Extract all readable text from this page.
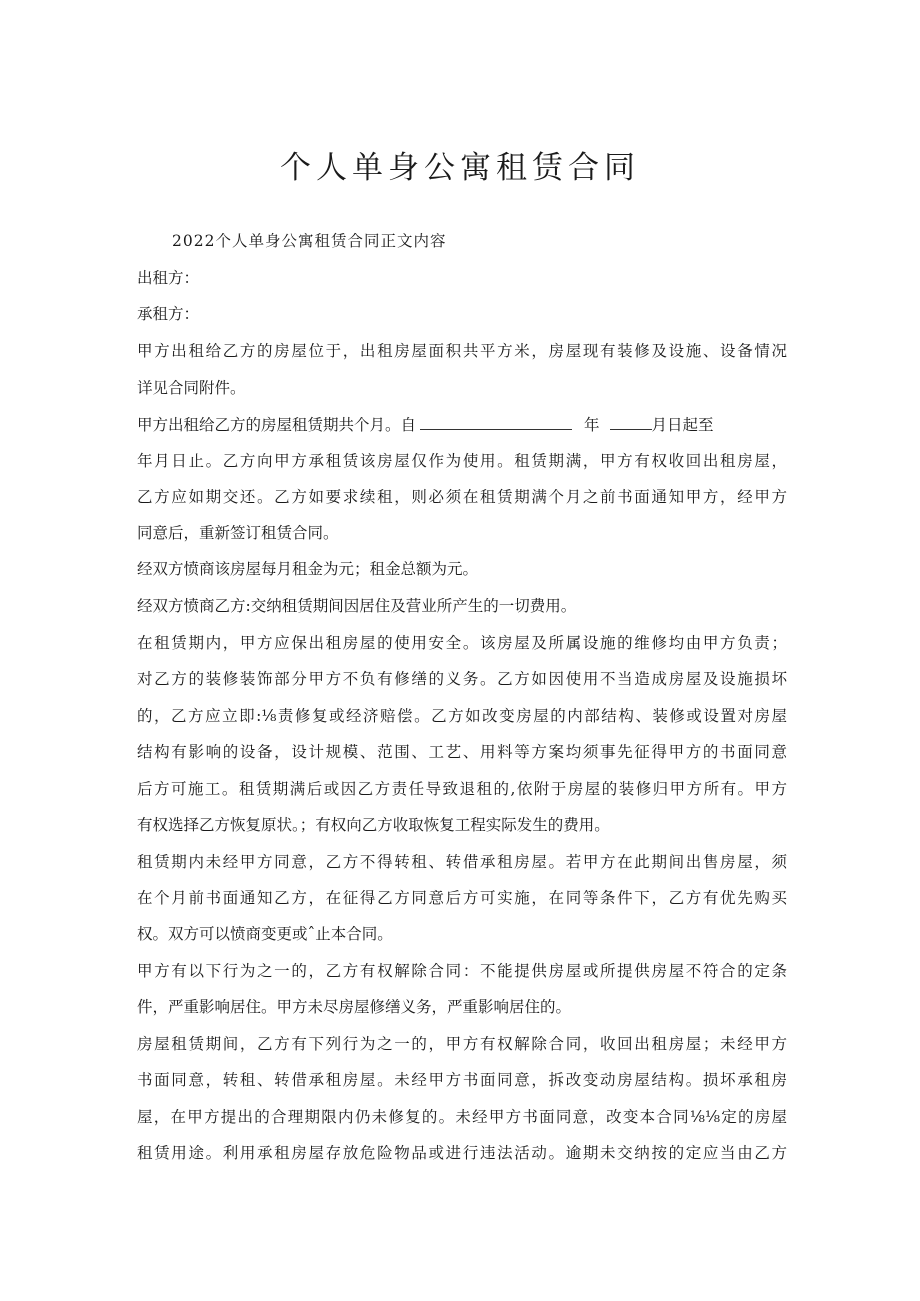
个人单身公寓租赁合同
2022个人单身公寓租赁合同正文内容
出租方：
承租方：
甲方出租给乙方的房屋位于，出租房屋面积共平方米，房屋现有装修及设施、设备情况
详见合同附件。
甲方出租给乙方的房屋租赁期共个月。自	年	月日起至
年月日止。乙方向甲方承租赁该房屋仅作为使用。租赁期满，甲方有权收回出租房屋，
乙方应如期交还。乙方如要求续租，则必须在租赁期满个月之前书面通知甲方，经甲方
同意后，重新签订租赁合同。
经双方愤商该房屋每月租金为元；租金总额为元。
经双方愤商乙方:交纳租赁期间因居住及营业所产生的一切费用。
在租赁期内，甲方应保出租房屋的使用安全。该房屋及所属设施的维修均由甲方负责；
对乙方的装修装饰部分甲方不负有修缮的义务。乙方如因使用不当造成房屋及设施损坏
的，乙方应立即:⅛责修复或经济赔偿。乙方如改变房屋的内部结构、装修或设置对房屋
结构有影响的设备，设计规模、范围、工艺、用料等方案均须事先征得甲方的书面同意
后方可施工。租赁期满后或因乙方责任导致退租的,依附于房屋的装修归甲方所有。甲方
有权选择乙方恢复原状。；有权向乙方收取恢复工程实际发生的费用。
租赁期内未经甲方同意，乙方不得转租、转借承租房屋。若甲方在此期间出售房屋，须
在个月前书面通知乙方，在征得乙方同意后方可实施，在同等条件下，乙方有优先购买
权。双方可以愤商变更或ˆ止本合同。
甲方有以下行为之一的，乙方有权解除合同：不能提供房屋或所提供房屋不符合的定条
件，严重影响居住。甲方未尽房屋修缮义务，严重影响居住的。
房屋租赁期间，乙方有下列行为之一的，甲方有权解除合同，收回出租房屋；未经甲方
书面同意，转租、转借承租房屋。未经甲方书面同意，拆改变动房屋结构。损坏承租房
屋，在甲方提出的合理期限内仍未修复的。未经甲方书面同意，改变本合同⅛⅛定的房屋
租赁用途。利用承租房屋存放危险物品或进行违法活动。逾期未交纳按的定应当由乙方
